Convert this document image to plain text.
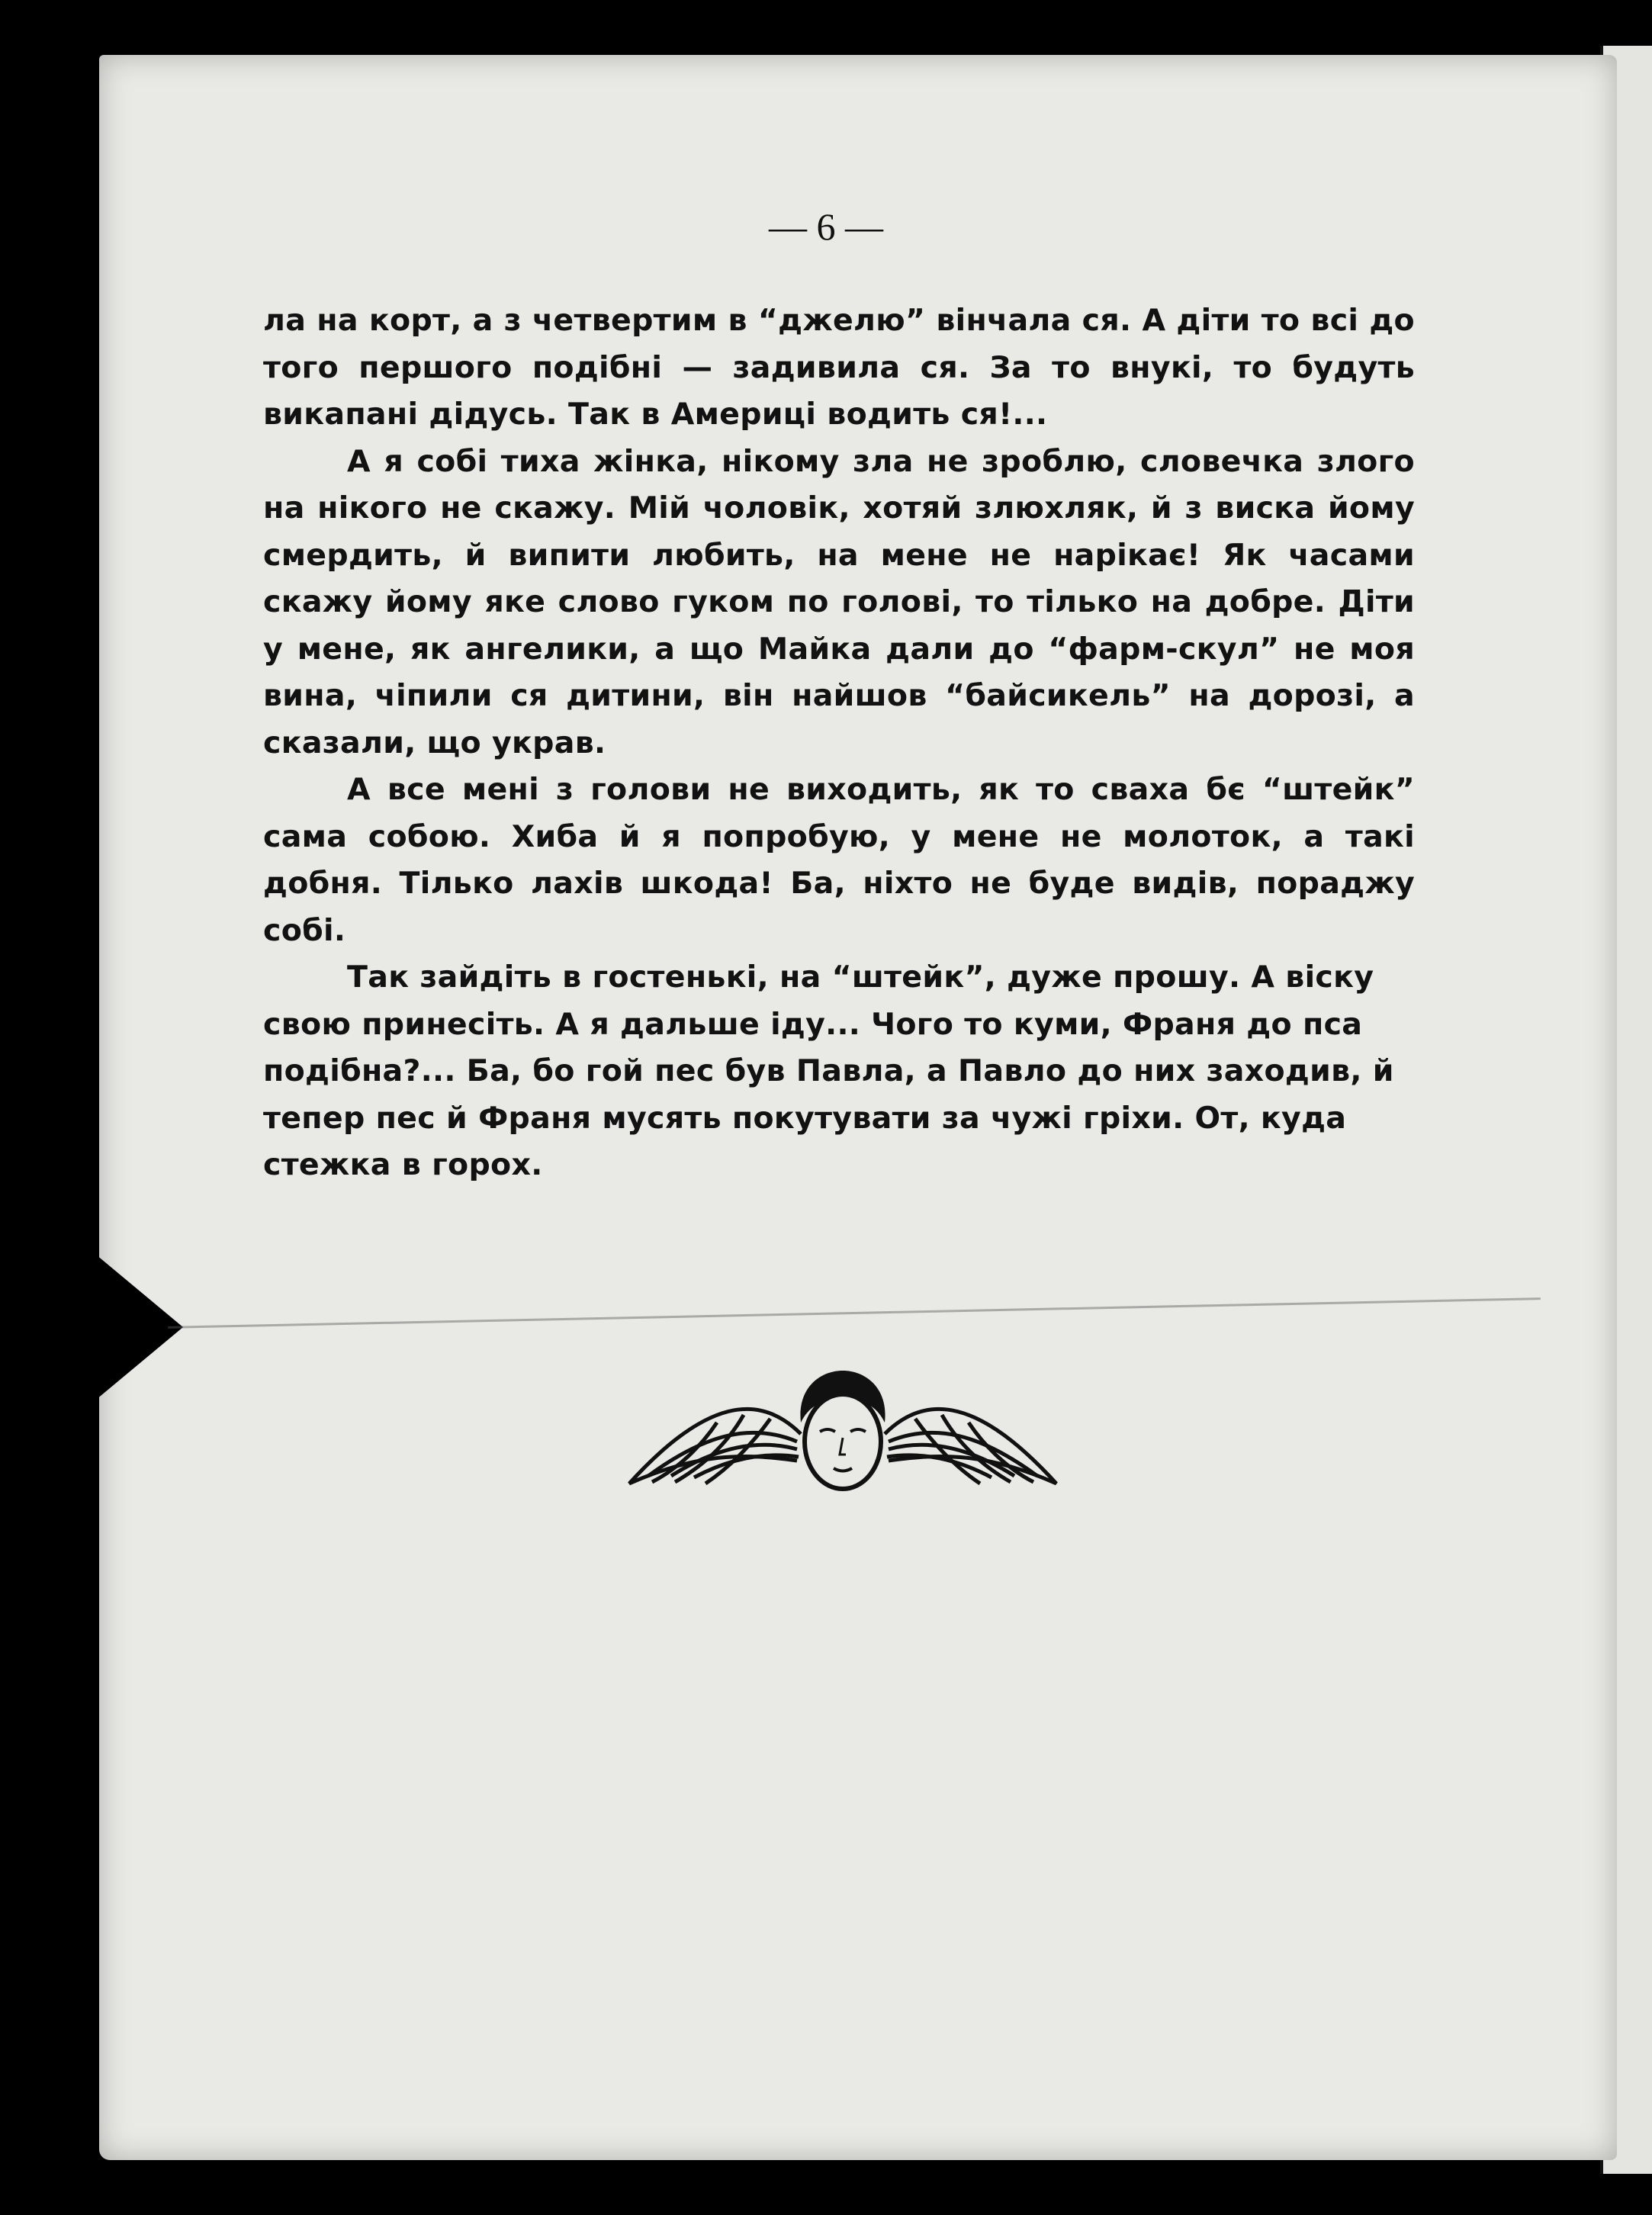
— 6 —

ла на корт, а з четвертим в “джелю” вінчала ся. А діти то всі до того першого подібні — задивила ся. За то внукі, то будуть викапані дідусь. Так в Америці водить ся!...

А я собі тиха жінка, нікому зла не зроблю, словечка злого на нікого не скажу. Мій чоловік, хотяй злюхляк, й з виска йому смердить, й випити любить, на мене не нарікає! Як часами скажу йому яке слово гуком по голові, то тілько на добре. Діти у мене, як ангелики, а що Майка дали до “фарм-скул” не моя вина, чіпили ся дитини, він найшов “байсикель” на дорозі, а сказали, що украв.

А все мені з голови не виходить, як то сваха бє “штейк” сама собою. Хиба й я попробую, у мене не молоток, а такі добня. Тілько лахів шкода! Ба, ніхто не буде видів, пораджу собі.

Так зайдіть в гостенькі, на “штейк”, дуже прошу. А віску свою принесіть. А я дальше іду... Чого то куми, Франя до пса подібна?... Ба, бо гой пес був Павла, а Павло до них заходив, й тепер пес й Франя мусять покутувати за чужі гріхи. От, куда стежка в горох.
